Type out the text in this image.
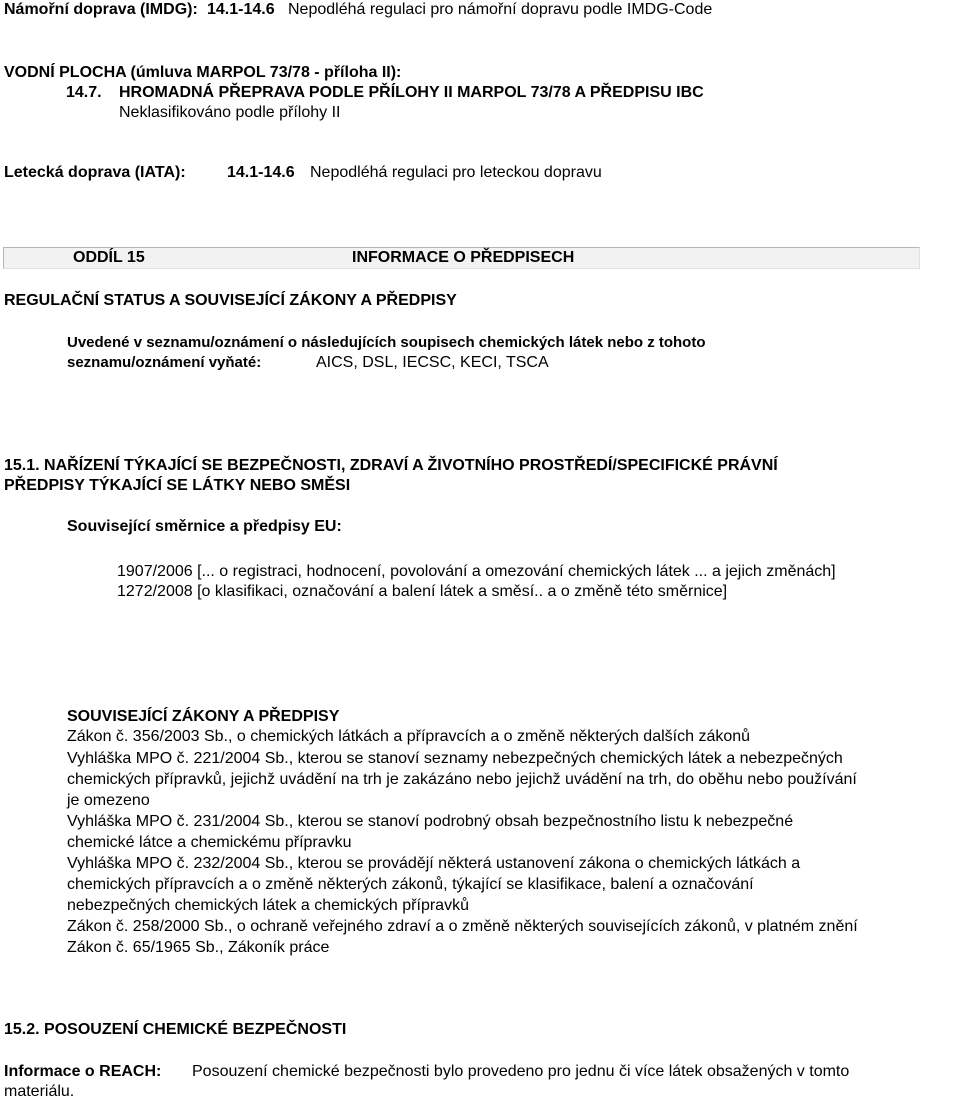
Námořní doprava (IMDG): 14.1-14.6 Nepodléhá regulaci pro námořní dopravu podle IMDG-Code
VODNÍ PLOCHA (úmluva MARPOL 73/78 - příloha II):
14.7. HROMADNÁ PŘEPRAVA PODLE PŘÍLOHY II MARPOL 73/78 A PŘEDPISU IBC
Neklasifikováno podle přílohy II
Letecká doprava (IATA):	14.1-14.6 Nepodléhá regulaci pro leteckou dopravu
ODDÍL 15	INFORMACE O PŘEDPISECH
REGULAČNÍ STATUS A SOUVISEJÍCÍ ZÁKONY A PŘEDPISY
Uvedené v seznamu/oznámení o následujících soupisech chemických látek nebo z tohoto
seznamu/oznámení vyňaté:	AICS, DSL, IECSC, KECI, TSCA
15.1. NAŘÍZENÍ TÝKAJÍCÍ SE BEZPEČNOSTI, ZDRAVÍ A ŽIVOTNÍHO PROSTŘEDÍ/SPECIFICKÉ PRÁVNÍ
PŘEDPISY TÝKAJÍCÍ SE LÁTKY NEBO SMĚSI
Související směrnice a předpisy EU:
1907/2006 [... o registraci, hodnocení, povolování a omezování chemických látek ... a jejich změnách]
1272/2008 [o klasifikaci, označování a balení látek a směsí.. a o změně této směrnice]
SOUVISEJÍCÍ ZÁKONY A PŘEDPISY
Zákon č. 356/2003 Sb., o chemických látkách a přípravcích a o změně některých dalších zákonů
Vyhláška MPO č. 221/2004 Sb., kterou se stanoví seznamy nebezpečných chemických látek a nebezpečných
chemických přípravků, jejichž uvádění na trh je zakázáno nebo jejichž uvádění na trh, do oběhu nebo používání
je omezeno
Vyhláška MPO č. 231/2004 Sb., kterou se stanoví podrobný obsah bezpečnostního listu k nebezpečné
chemické látce a chemickému přípravku
Vyhláška MPO č. 232/2004 Sb., kterou se provádějí některá ustanovení zákona o chemických látkách a
chemických přípravcích a o změně některých zákonů, týkající se klasifikace, balení a označování
nebezpečných chemických látek a chemických přípravků
Zákon č. 258/2000 Sb., o ochraně veřejného zdraví a o změně některých souvisejících zákonů, v platném znění
Zákon č. 65/1965 Sb., Zákoník práce
15.2. POSOUZENÍ CHEMICKÉ BEZPEČNOSTI
Informace o REACH: Posouzení chemické bezpečnosti bylo provedeno pro jednu či více látek obsažených v tomto
materiálu.
